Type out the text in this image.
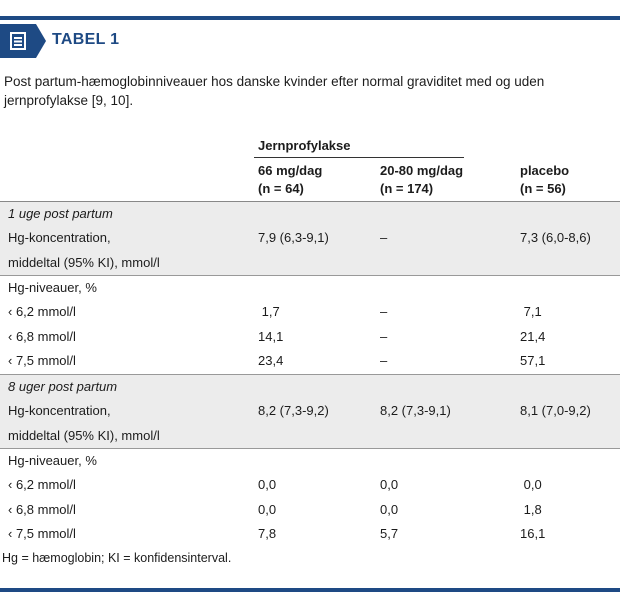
TABEL 1
Post partum-hæmoglobinniveauer hos danske kvinder efter normal graviditet med og uden jernprofylakse [9, 10].
Jernprofylakse
66 mg/dag
(n = 64)
20-80 mg/dag
(n = 174)
placebo
(n = 56)
1 uge post partum
Hg-koncentration,	7,9 (6,3-9,1)	–	7,3 (6,0-8,6)
middeltal (95% KI), mmol/l
Hg-niveauer, %
‹ 6,2 mmol/l	1,7	–	7,1
‹ 6,8 mmol/l	14,1	–	21,4
‹ 7,5 mmol/l	23,4	–	57,1
8 uger post partum
Hg-koncentration,	8,2 (7,3-9,2)	8,2 (7,3-9,1)	8,1 (7,0-9,2)
middeltal (95% KI), mmol/l
Hg-niveauer, %
‹ 6,2 mmol/l	0,0	0,0	0,0
‹ 6,8 mmol/l	0,0	0,0	1,8
‹ 7,5 mmol/l	7,8	5,7	16,1
Hg = hæmoglobin; KI = konfidensinterval.
